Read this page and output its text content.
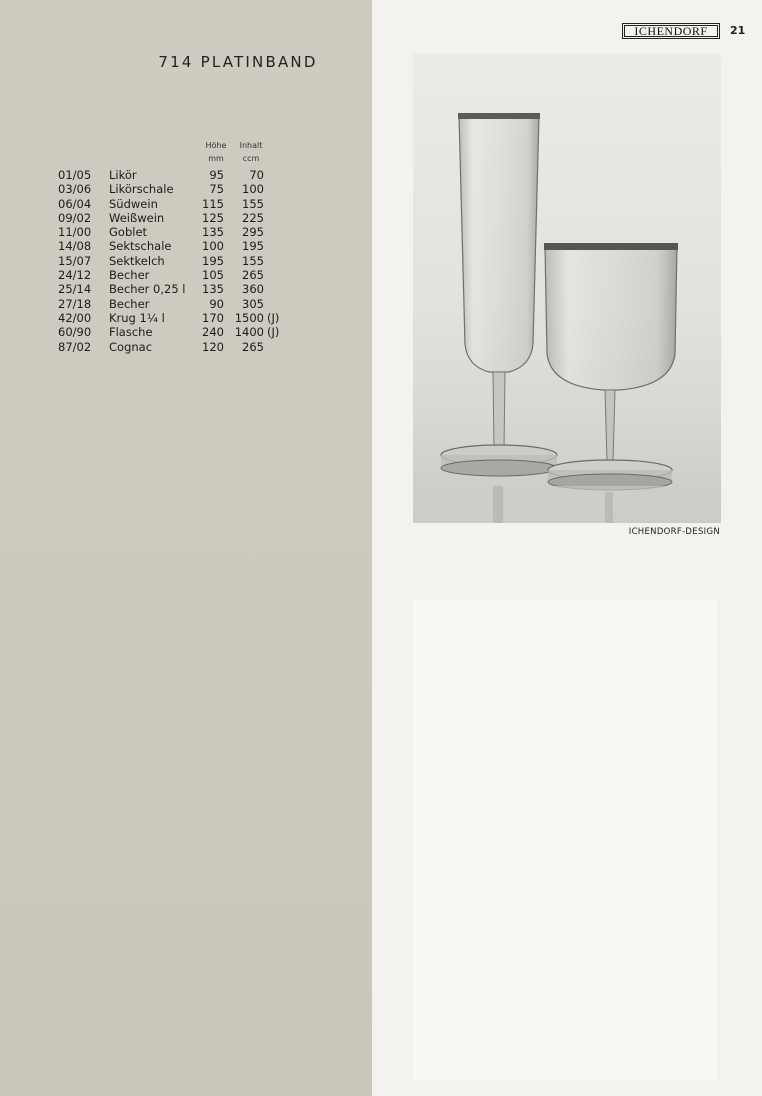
714 PLATINBAND
Höhe
mm
Inhalt
ccm
01/05	Likör	95	70
03/06	Likörschale	75	100
06/04	Südwein	115	155
09/02	Weißwein	125	225
11/00	Goblet	135	295
14/08	Sektschale	100	195
15/07	Sektkelch	195	155
24/12	Becher	105	265
25/14	Becher 0,25 l	135	360
27/18	Becher	90	305
42/00	Krug 1¼ l	170 1500 (J)
60/90	Flasche	240 1400 (J)
87/02	Cognac	120	265
ICHENDORF	21
ICHENDORF-DESIGN
